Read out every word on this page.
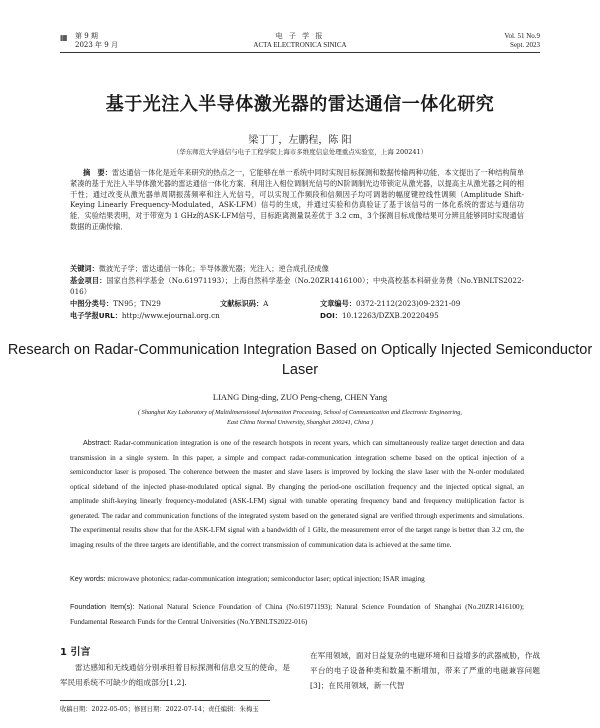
▦ 第 9 期
2023 年 9 月
电 子 学 报
ACTA ELECTRONICA SINICA
Vol. 51 No.9
Sept. 2023
基于光注入半导体激光器的雷达通信一体化研究
梁丁丁，左鹏程，陈 阳
（华东师范大学通信与电子工程学院上海市多维度信息处理重点实验室，上海 200241）
摘　要：雷达通信一体化是近年来研究的热点之一，它能够在单一系统中同时实现目标探测和数据传输两种功能．本文提出了一种结构简单紧凑的基于光注入半导体激光器的雷达通信一体化方案．利用注入相位调制光信号的N阶调制光边带锁定从激光器，以提高主从激光器之间的相干性；通过改变从激光器单周期振荡频率和注入光信号，可以实现工作频段和信频因子均可调谐的幅度键控线性调频（Amplitude Shift-Keying Linearly Frequency-Modulated，ASK-LFM）信号的生成，并通过实验和仿真验证了基于该信号的一体化系统的雷达与通信功能．实验结果表明，对于带宽为 1 GHz的ASK-LFM信号，目标距离测量误差优于 3.2 cm，3个探测目标成像结果可分辨且能够同时实现通信数据的正确传输．
关键词：微波光子学；雷达通信一体化；半导体激光器；光注入；逆合成孔径成像
基金项目：国家自然科学基金（No.61971193）；上海自然科学基金（No.20ZR1416100）；中央高校基本科研业务费（No.YBNLTS2022-016）
中图分类号：TN95；TN29	文献标识码：A	文章编号：0372-2112(2023)09-2321-09
电子学报URL：http://www.ejournal.org.cn	DOI：10.12263/DZXB.20220495
Research on Radar-Communication Integration Based on Optically Injected Semiconductor Laser
LIANG Ding-ding, ZUO Peng-cheng, CHEN Yang
( Shanghai Key Laboratory of Multidimensional Information Processing, School of Communication and Electronic Engineering,
East China Normal University, Shanghai 200241, China )
Abstract: Radar-communication integration is one of the research hotspots in recent years, which can simultaneously realize target detection and data transmission in a single system. In this paper, a simple and compact radar-communication integration scheme based on the optical injection of a semiconductor laser is proposed. The coherence between the master and slave lasers is improved by locking the slave laser with the N-order modulated optical sideband of the injected phase-modulated optical signal. By changing the period-one oscillation frequency and the injected optical signal, an amplitude shift-keying linearly frequency-modulated (ASK-LFM) signal with tunable operating frequency band and frequency multiplication factor is generated. The radar and communication functions of the integrated system based on the generated signal are verified through experiments and simulations. The experimental results show that for the ASK-LFM signal with a bandwidth of 1 GHz, the measurement error of the target range is better than 3.2 cm, the imaging results of the three targets are identifiable, and the correct transmission of communication data is achieved at the same time.
Key words: microwave photonics; radar-communication integration; semiconductor laser; optical injection; ISAR imaging
Foundation Item(s): National Natural Science Foundation of China (No.61971193); Natural Science Foundation of Shanghai (No.20ZR1416100); Fundamental Research Funds for the Central Universities (No.YBNLTS2022-016)
1 引言
雷达感知和无线通信分别承担着目标探测和信息交互的使命，是军民用系统不可缺少的组成部分[1,2].
在军用领域，面对日益复杂的电磁环境和日益增多的武器威胁，作战平台的电子设备种类和数量不断增加，带来了严重的电磁兼容问题[3]；在民用领域，新一代智
收稿日期：2022-05-05；修回日期：2022-07-14；责任编辑：朱梅玉
